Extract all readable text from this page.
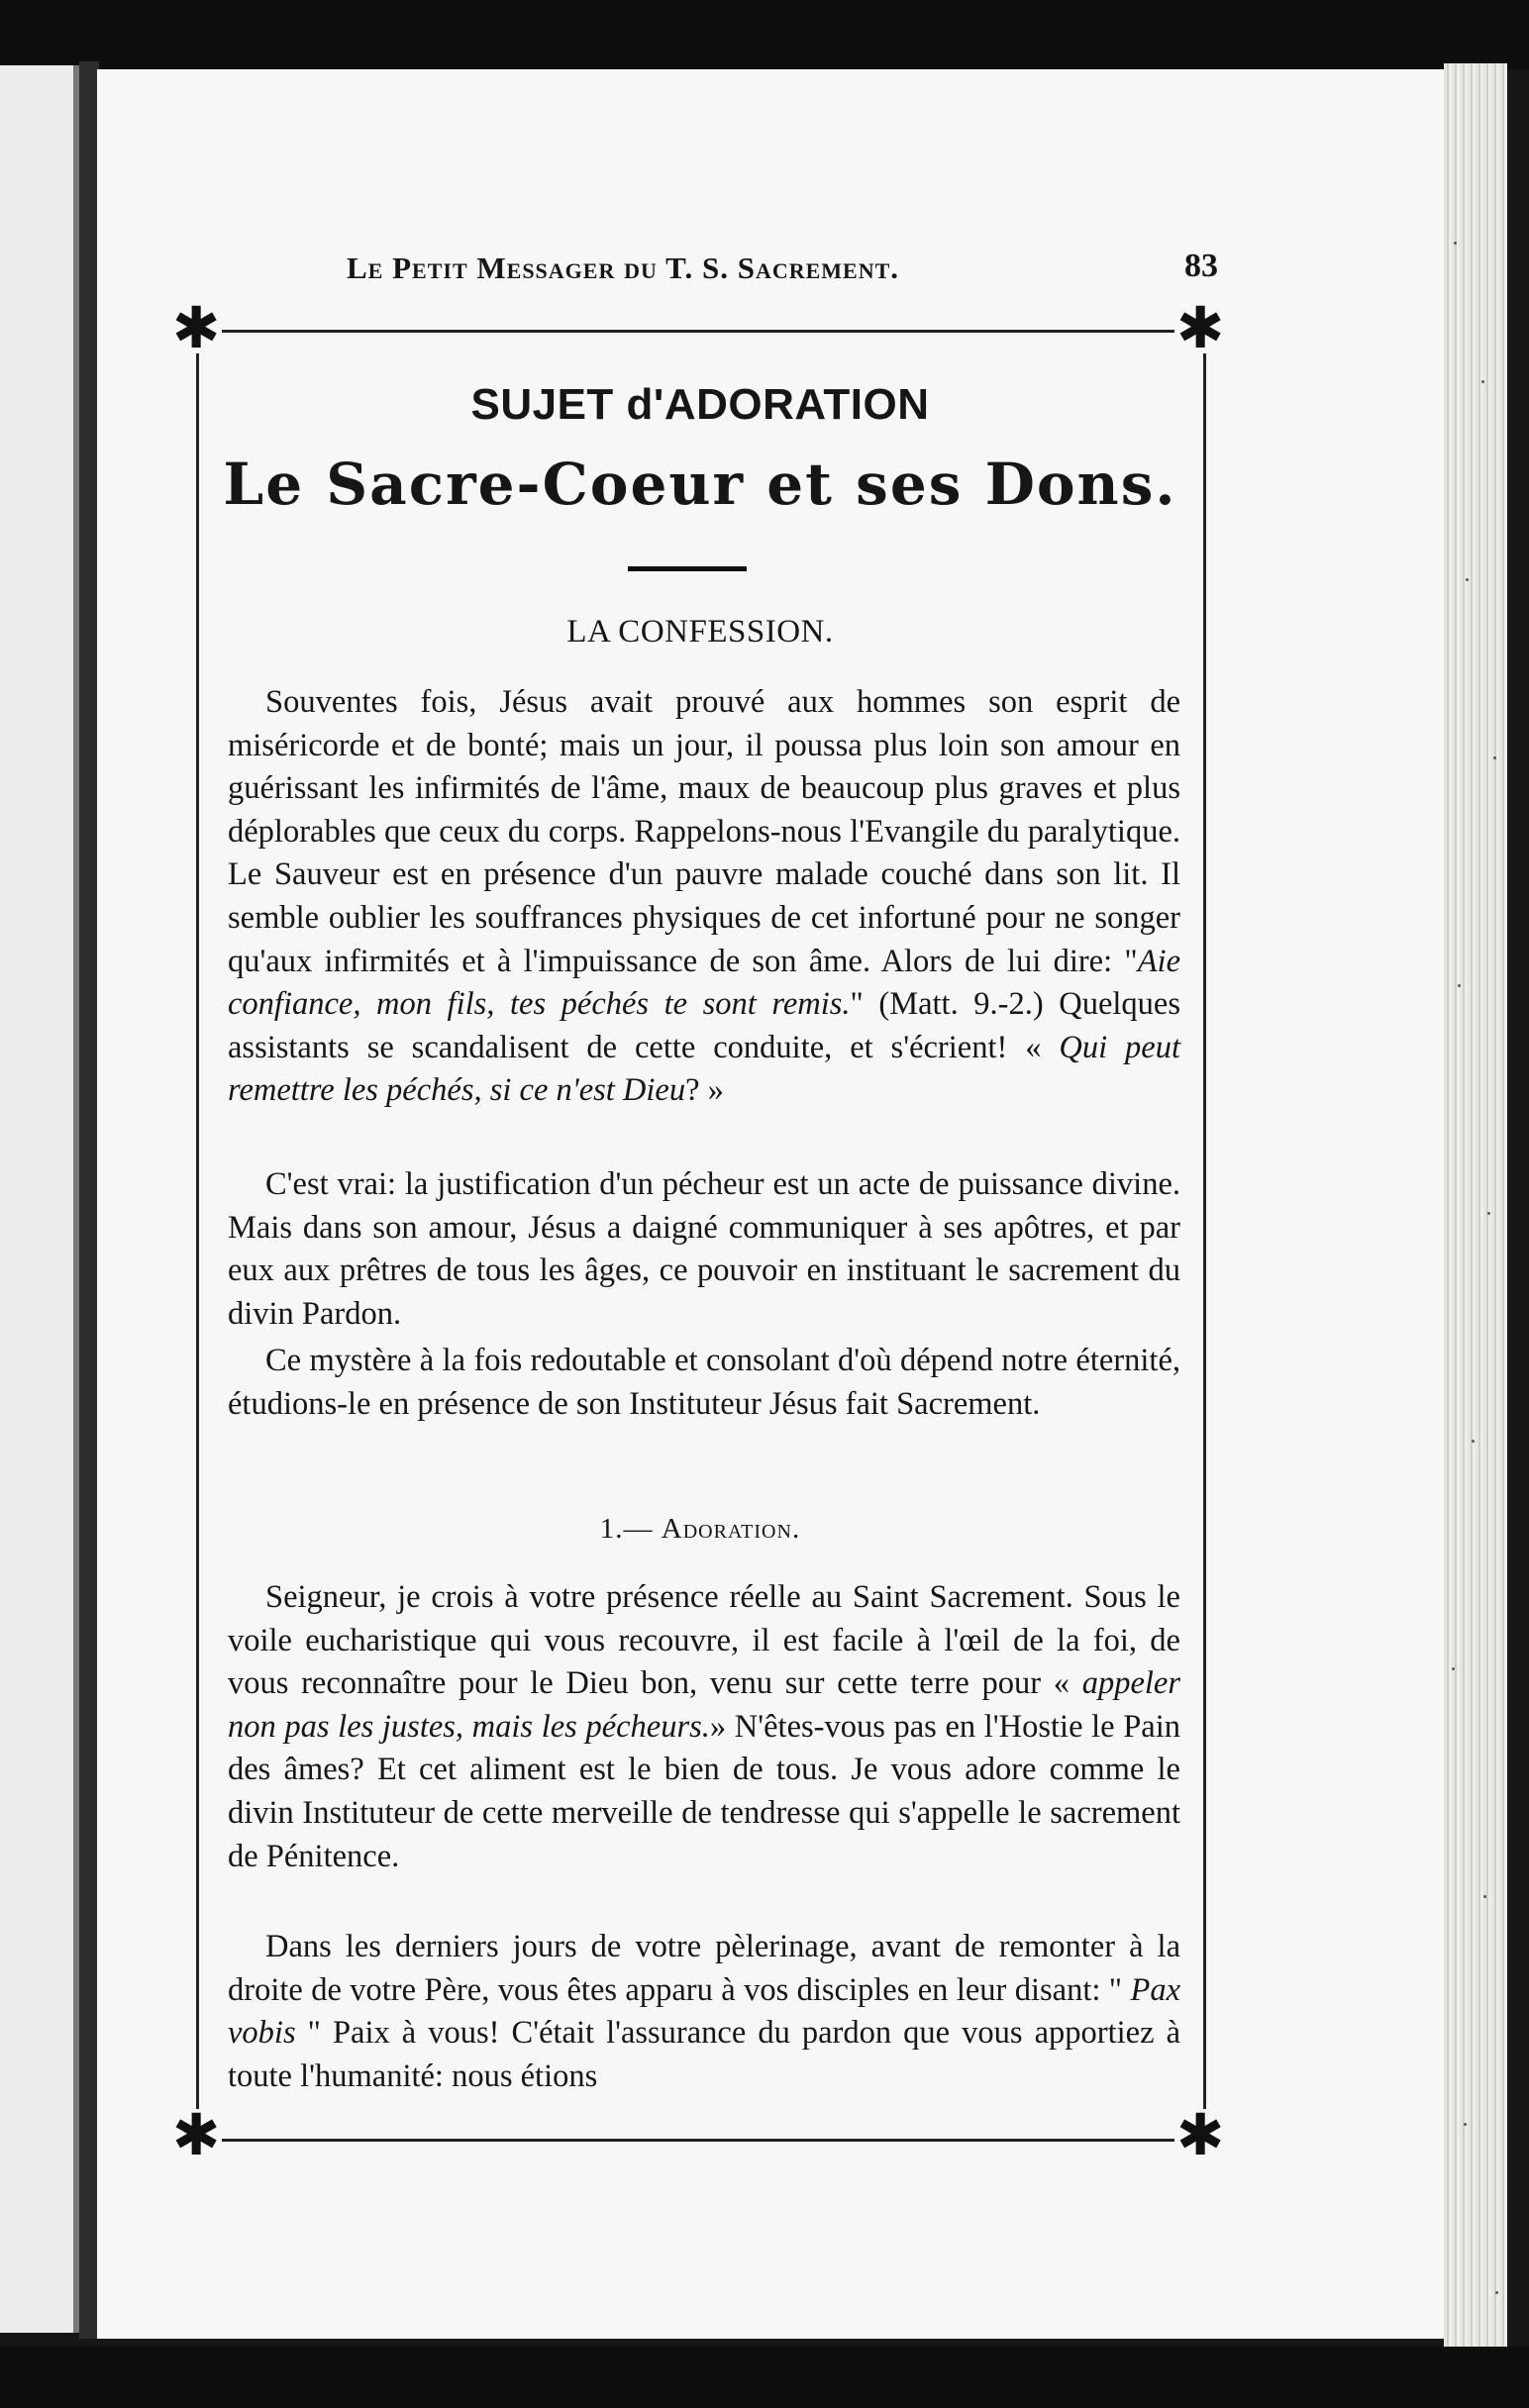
Le Petit Messager du T. S. Sacrement.	83
✱	✱
✱	✱
SUJET d'ADORATION
Le Sacre-Coeur et ses Dons.
LA CONFESSION.
Souventes fois, Jésus avait prouvé aux hommes son esprit de miséricorde et de bonté; mais un jour, il poussa plus loin son amour en guérissant les infirmités de l'âme, maux de beaucoup plus graves et plus déplorables que ceux du corps. Rappelons-nous l'Evangile du paralytique. Le Sauveur est en présence d'un pauvre malade couché dans son lit. Il semble oublier les souffrances physiques de cet infortuné pour ne songer qu'aux infirmités et à l'impuissance de son âme. Alors de lui dire: "Aie confiance, mon fils, tes péchés te sont remis." (Matt. 9.-2.) Quelques assistants se scandalisent de cette conduite, et s'écrient! « Qui peut remettre les péchés, si ce n'est Dieu? »
C'est vrai: la justification d'un pécheur est un acte de puissance divine. Mais dans son amour, Jésus a daigné communiquer à ses apôtres, et par eux aux prêtres de tous les âges, ce pouvoir en instituant le sacrement du divin Pardon.
Ce mystère à la fois redoutable et consolant d'où dépend notre éternité, étudions-le en présence de son Instituteur Jésus fait Sacrement.
1.— Adoration.
Seigneur, je crois à votre présence réelle au Saint Sacrement. Sous le voile eucharistique qui vous recouvre, il est facile à l'œil de la foi, de vous reconnaître pour le Dieu bon, venu sur cette terre pour « appeler non pas les justes, mais les pécheurs.» N'êtes-vous pas en l'Hostie le Pain des âmes? Et cet aliment est le bien de tous. Je vous adore comme le divin Instituteur de cette merveille de tendresse qui s'appelle le sacrement de Pénitence.
Dans les derniers jours de votre pèlerinage, avant de remonter à la droite de votre Père, vous êtes apparu à vos disciples en leur disant: " Pax vobis " Paix à vous! C'était l'assurance du pardon que vous apportiez à toute l'humanité: nous étions
